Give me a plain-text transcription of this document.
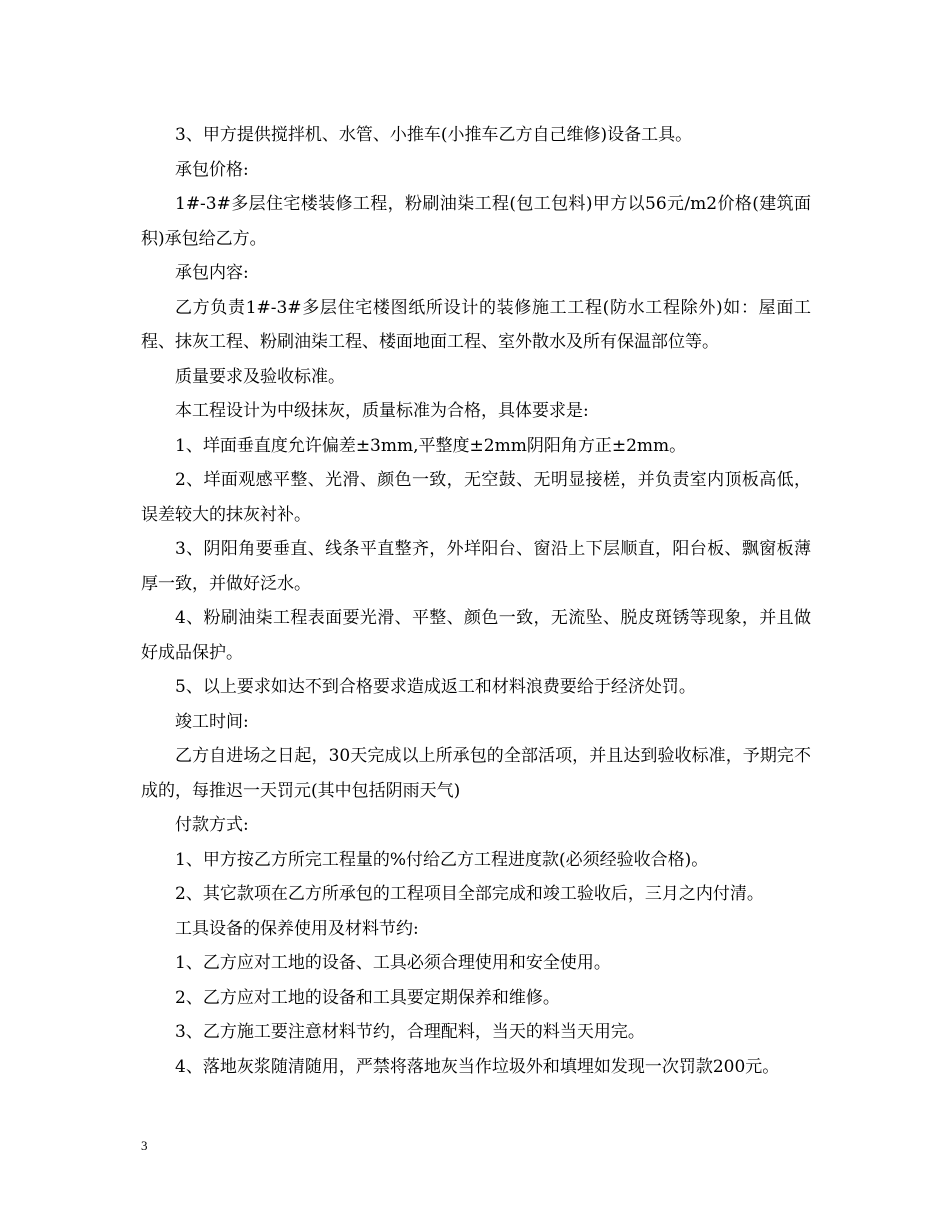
3、甲方提供搅拌机、水管、小推车(小推车乙方自己维修)设备工具。

承包价格:

1#-3#多层住宅楼装修工程，粉刷油柒工程(包工包料)甲方以56元/m2价格(建筑面积)承包给乙方。

承包内容:

乙方负责1#-3#多层住宅楼图纸所设计的装修施工工程(防水工程除外)如：屋面工程、抹灰工程、粉刷油柒工程、楼面地面工程、室外散水及所有保温部位等。

质量要求及验收标准。

本工程设计为中级抹灰，质量标准为合格，具体要求是:

1、垟面垂直度允许偏差±3mm,平整度±2mm阴阳角方正±2mm。

2、垟面观感平整、光滑、颜色一致，无空鼓、无明显接槎，并负责室内顶板高低，误差较大的抹灰衬补。

3、阴阳角要垂直、线条平直整齐，外垟阳台、窗沿上下层顺直，阳台板、飘窗板薄厚一致，并做好泛水。

4、粉刷油柒工程表面要光滑、平整、颜色一致，无流坠、脱皮斑锈等现象，并且做好成品保护。

5、以上要求如达不到合格要求造成返工和材料浪费要给于经济处罚。

竣工时间:

乙方自进场之日起，30天完成以上所承包的全部活项，并且达到验收标准，予期完不成的，每推迟一天罚元(其中包括阴雨天气)

付款方式:

1、甲方按乙方所完工程量的%付给乙方工程进度款(必须经验收合格)。

2、其它款项在乙方所承包的工程项目全部完成和竣工验收后，三月之内付清。

工具设备的保养使用及材料节约:

1、乙方应对工地的设备、工具必须合理使用和安全使用。

2、乙方应对工地的设备和工具要定期保养和维修。

3、乙方施工要注意材料节约，合理配料，当天的料当天用完。

4、落地灰浆随清随用，严禁将落地灰当作垃圾外和填埋如发现一次罚款200元。

3
